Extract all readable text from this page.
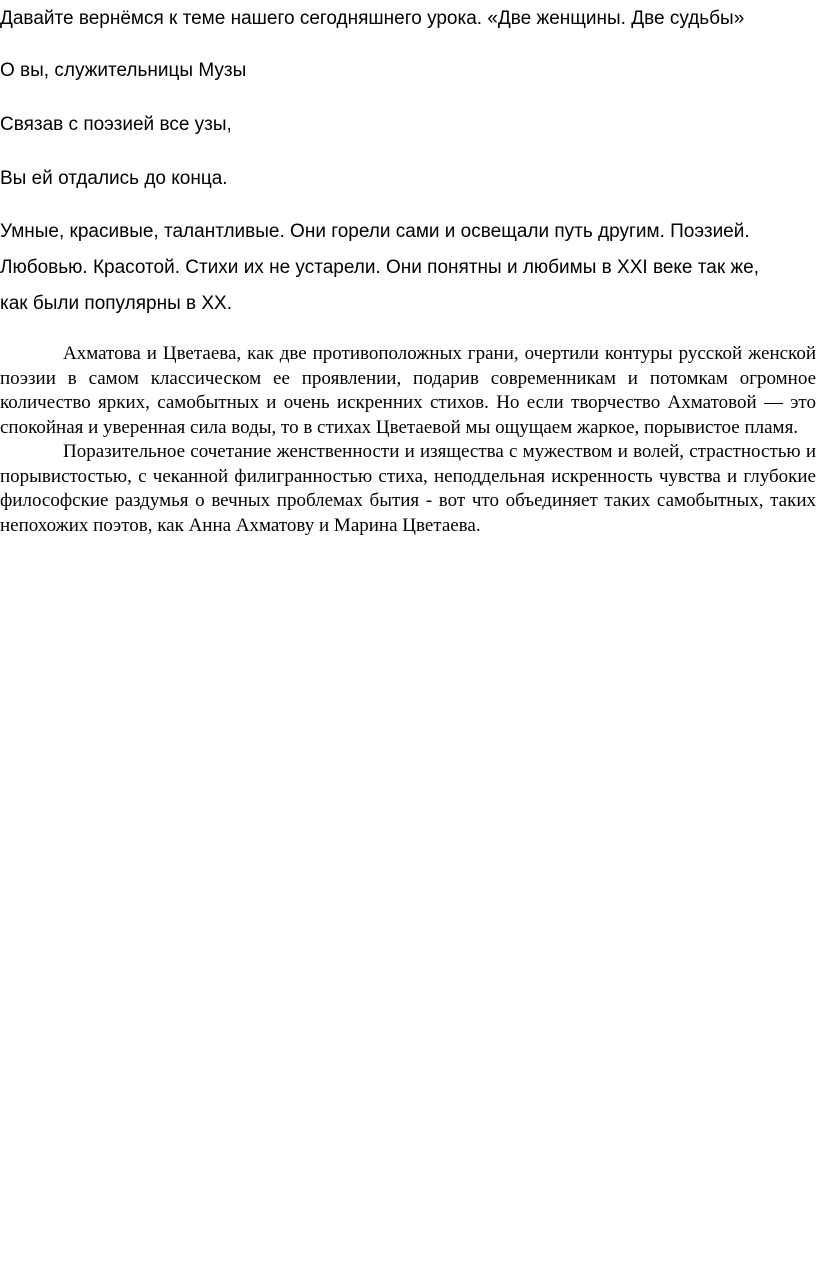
Давайте вернёмся к теме нашего сегодняшнего урока. «Две женщины. Две судьбы»

О вы, служительницы Музы

Связав с поэзией все узы,

Вы ей отдались до конца.

Умные, красивые, талантливые. Они горели сами и освещали путь другим. Поэзией.
Любовью. Красотой. Стихи их не устарели. Они понятны и любимы в XXI веке так же,
как были популярны в XX.

Ахматова и Цветаева, как две противоположных грани, очертили контуры русской женской поэзии в самом классическом ее проявлении, подарив современникам и потомкам огромное количество ярких, самобытных и очень искренних стихов. Но если творчество Ахматовой — это спокойная и уверенная сила воды, то в стихах Цветаевой мы ощущаем жаркое, порывистое пламя.

Поразительное сочетание женственности и изящества с мужеством и волей, страстностью и порывистостью, с чеканной филигранностью стиха, неподдельная искренность чувства и глубокие философские раздумья о вечных проблемах бытия - вот что объединяет таких самобытных, таких непохожих поэтов, как Анна Ахматову и Марина Цветаева.
